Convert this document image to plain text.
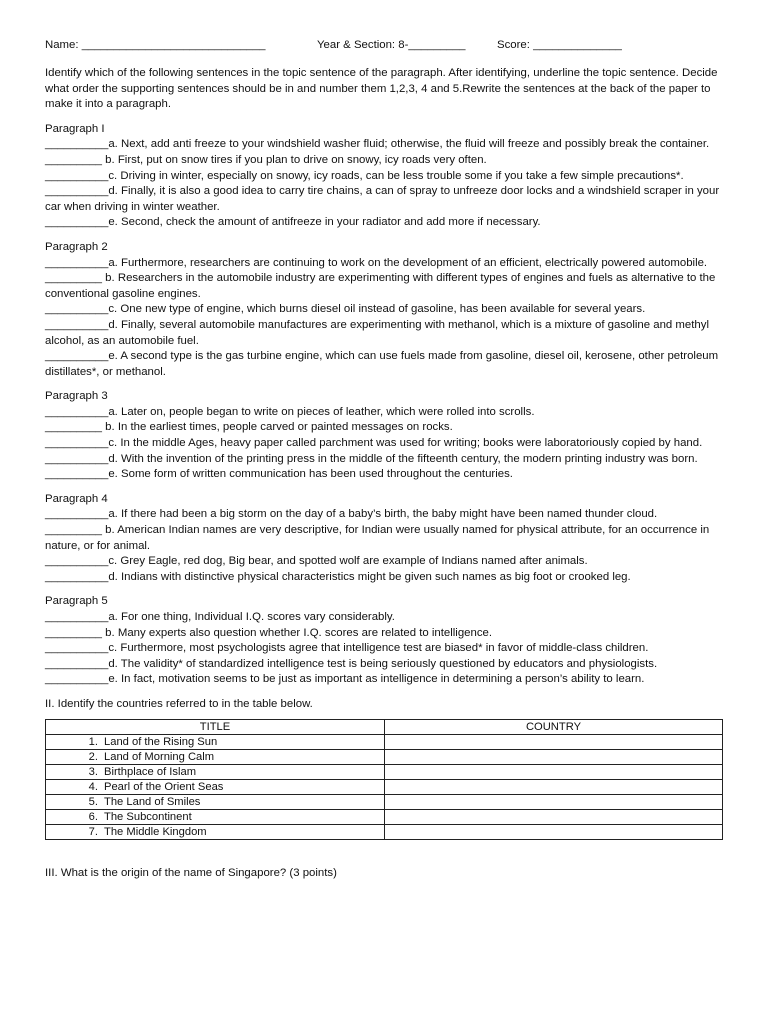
Name: _____________________________	Year & Section: 8-_________	Score: ______________
Identify which of the following sentences in the topic sentence of the paragraph. After identifying, underline the topic sentence. Decide what order the supporting sentences should be in and number them 1,2,3, 4 and 5.Rewrite the sentences at the back of the paper to make it into a paragraph.
Paragraph I
__________a. Next, add anti freeze to your windshield washer fluid; otherwise, the fluid will freeze and possibly break the container.
_________ b. First, put on snow tires if you plan to drive on snowy, icy roads very often.
__________c. Driving in winter, especially on snowy, icy roads, can be less trouble some if you take a few simple precautions*.
__________d. Finally, it is also a good idea to carry tire chains, a can of spray to unfreeze door locks and a windshield scraper in your car when driving in winter weather.
__________e. Second, check the amount of antifreeze in your radiator and add more if necessary.
Paragraph 2
__________a. Furthermore, researchers are continuing to work on the development of an efficient, electrically powered automobile.
_________ b. Researchers in the automobile industry are experimenting with different types of engines and fuels as alternative to the conventional gasoline engines.
__________c. One new type of engine, which burns diesel oil instead of gasoline, has been available for several years.
__________d. Finally, several automobile manufactures are experimenting with methanol, which is a mixture of gasoline and methyl alcohol, as an automobile fuel.
__________e. A second type is the gas turbine engine, which can use fuels made from gasoline, diesel oil, kerosene, other petroleum distillates*, or methanol.
Paragraph 3
__________a. Later on, people began to write on pieces of leather, which were rolled into scrolls.
_________ b. In the earliest times, people carved or painted messages on rocks.
__________c. In the middle Ages, heavy paper called parchment was used for writing; books were laboratoriously copied by hand.
__________d. With the invention of the printing press in the middle of the fifteenth century, the modern printing industry was born.
__________e. Some form of written communication has been used throughout the centuries.
Paragraph 4
__________a. If there had been a big storm on the day of a baby’s birth, the baby might have been named thunder cloud.
_________ b. American Indian names are very descriptive, for Indian were usually named for physical attribute, for an occurrence in nature, or for animal.
__________c. Grey Eagle, red dog, Big bear, and spotted wolf are example of Indians named after animals.
__________d. Indians with distinctive physical characteristics might be given such names as big foot or crooked leg.
Paragraph 5
__________a. For one thing, Individual I.Q. scores vary considerably.
_________ b. Many experts also question whether I.Q. scores are related to intelligence.
__________c. Furthermore, most psychologists agree that intelligence test are biased* in favor of middle-class children.
__________d. The validity* of standardized intelligence test is being seriously questioned by educators and physiologists.
__________e. In fact, motivation seems to be just as important as intelligence in determining a person’s ability to learn.
II. Identify the countries referred to in the table below.
TITLE	COUNTRY
1. Land of the Rising Sun	
2. Land of Morning Calm	
3. Birthplace of Islam	
4. Pearl of the Orient Seas	
5. The Land of Smiles	
6. The Subcontinent	
7. The Middle Kingdom	
III. What is the origin of the name of Singapore? (3 points)
